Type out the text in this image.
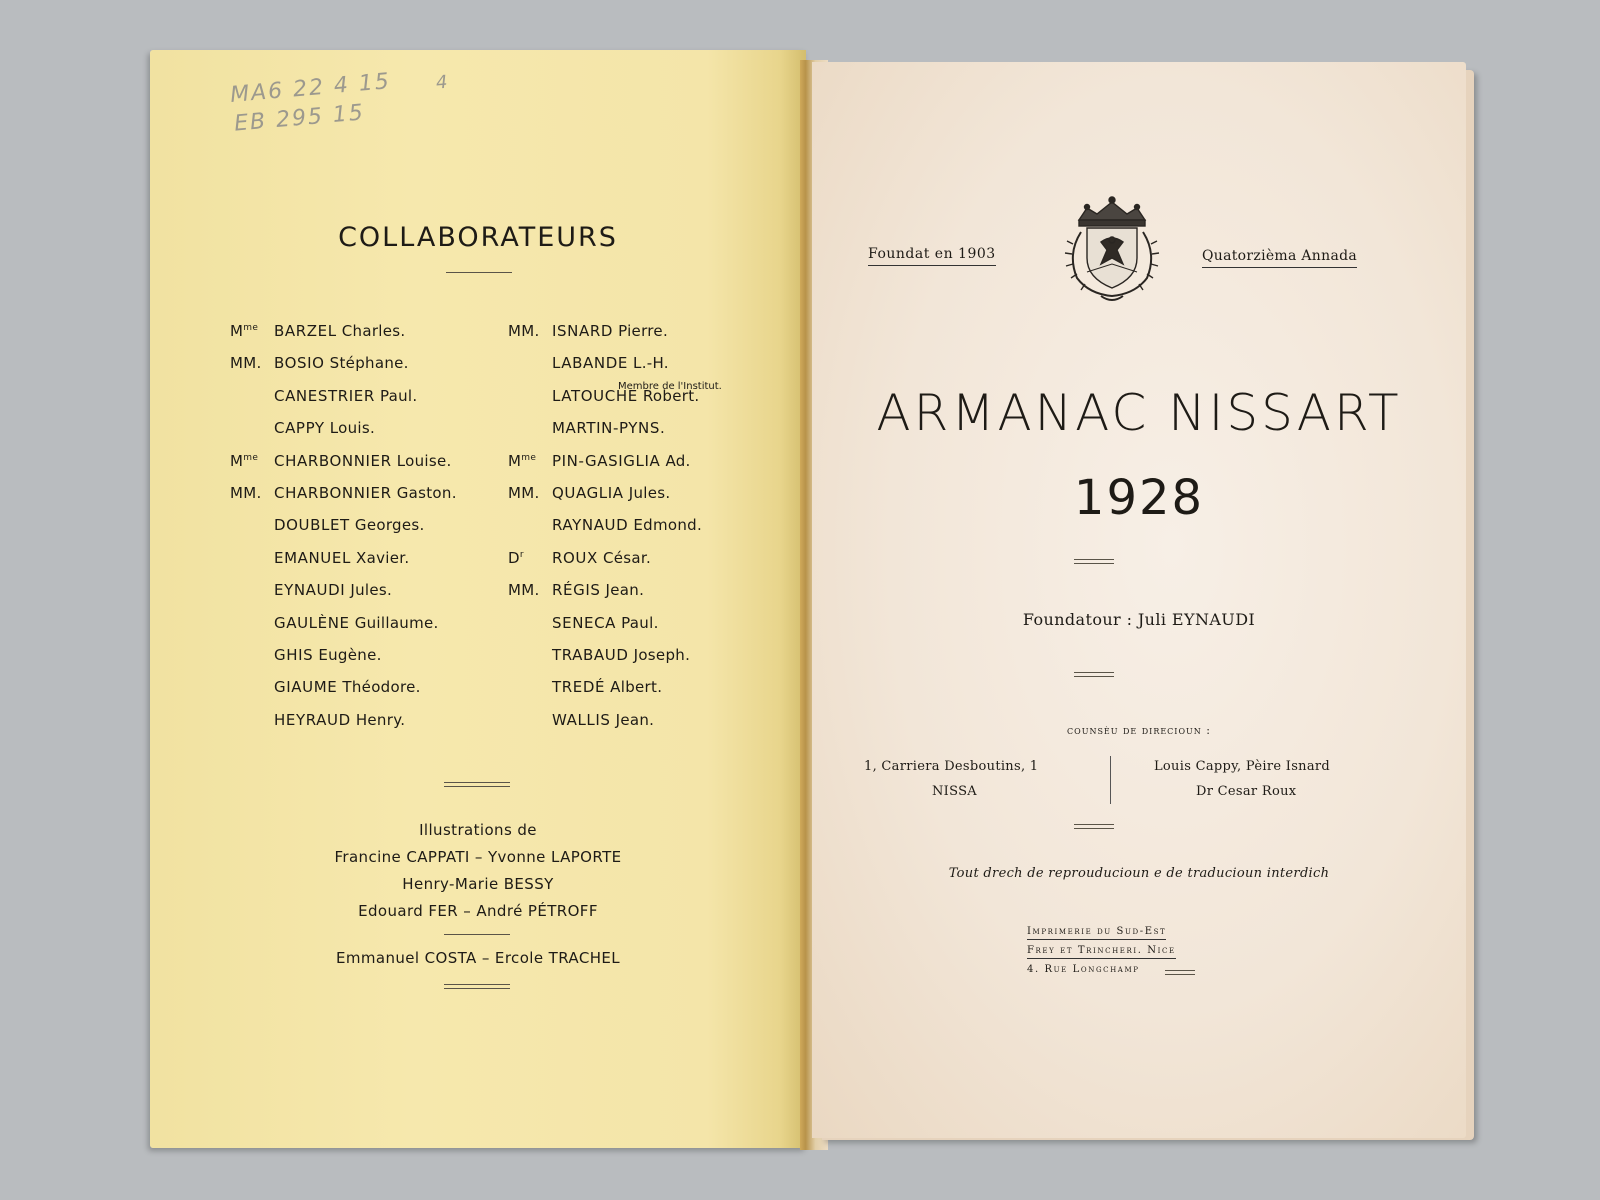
MA6 22 4 15
EB 295 15
4
COLLABORATEURS
$M^{me}$	BARZEL Charles.
MM. BOSIO Stéphane.
CANESTRIER Paul.
CAPPY Louis.
$M^{me}$	CHARBONNIER Louise.
MM. CHARBONNIER Gaston.
DOUBLET Georges.
EMANUEL Xavier.
EYNAUDI Jules.
GAULÈNE Guillaume.
GHIS Eugène.
GIAUME Théodore.
HEYRAUD Henry.
MM. ISNARD Pierre.
LABANDE L.-H.
LATOUCHE Robert.
MARTIN-PYNS.
$M^{me}$	PIN-GASIGLIA Ad.
MM. QUAGLIA Jules.
RAYNAUD Edmond.
$D^r$	ROUX César.
MM. RÉGIS Jean.
SENECA Paul.
TRABAUD Joseph.
TREDÉ Albert.
WALLIS Jean.
Membre de l'Institut.
Illustrations de
Francine CAPPATI – Yvonne LAPORTE
Henry-Marie BESSY
Edouard FER – André PÉTROFF
Emmanuel COSTA – Ercole TRACHEL
Foundat en 1903	Quatorzièma Annada
ARMANAC NISSART
1928
Foundatour : Juli EYNAUDI
counsèu de direcioun :
1, Carriera Desboutins, 1
NISSA
Louis Cappy, Pèire Isnard
Dr Cesar Roux
Tout drech de reprouducioun e de traducioun interdich
Imprimerie du Sud-Est
Frey et Trincheri. Nice
4. Rue Longchamp
